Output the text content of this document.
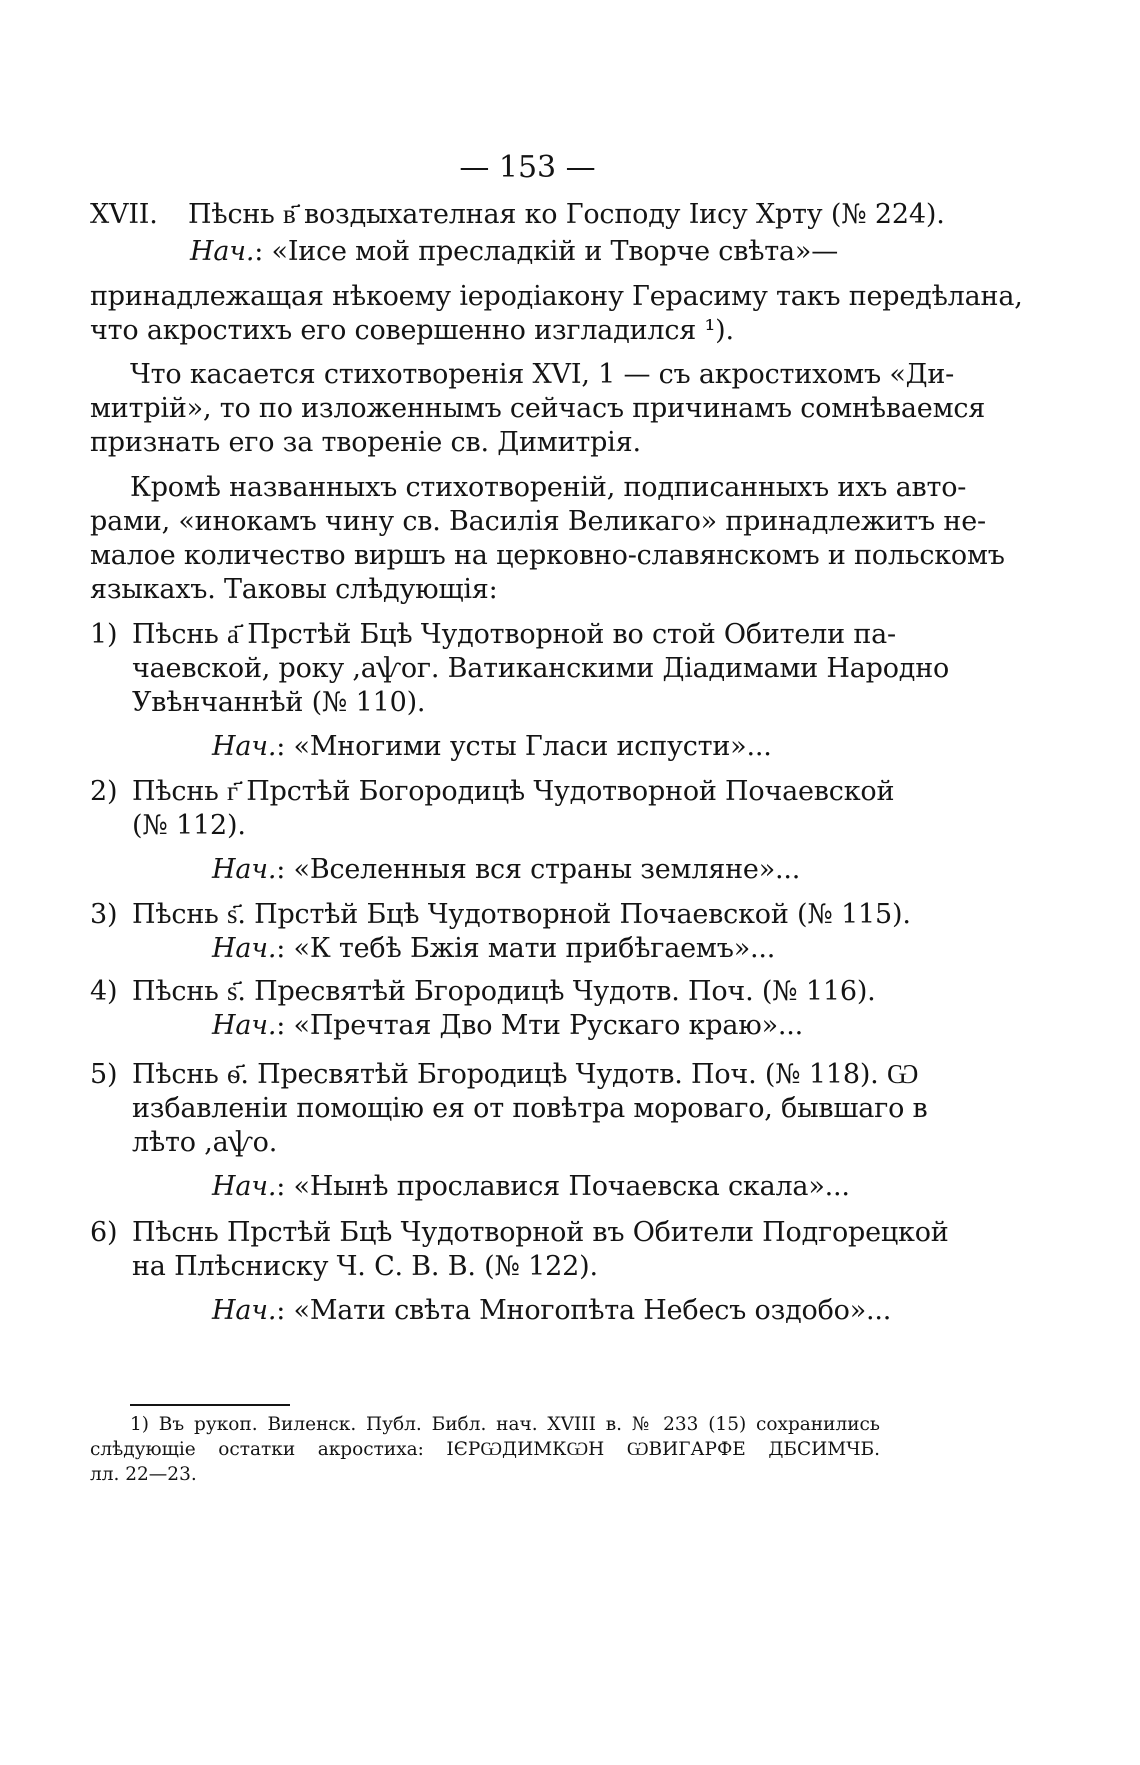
— 153 —
XVII. Пѣснь в҃ воздыхателная ко Господу Іису Хрту (№ 224).
Нач.: «Іисе мой пресладкій и Творче свѣта»—
принадлежащая нѣкоему іеродіакону Герасиму такъ передѣлана,
что акростихъ его совершенно изгладился ¹).
Что касается стихотворенія XVI, 1 — съ акростихомъ «Ди-
митрій», то по изложеннымъ сейчасъ причинамъ сомнѣваемся
признать его за твореніе св. Димитрія.
Кромѣ названныхъ стихотвореній, подписанныхъ ихъ авто-
рами, «инокамъ чину св. Василія Великаго» принадлежитъ не-
малое количество виршъ на церковно-славянскомъ и польскомъ
языкахъ. Таковы слѣдующія:
1) Пѣснь а҃ Прстѣй Бцѣ Чудотворной во стой Обители па-
чаевской, року ,аѱог. Ватиканскими Діадимами Народно
Увѣнчаннѣй (№ 110).
Нач.: «Многими усты Гласи испусти»...
2) Пѣснь г҃ Прстѣй Богородицѣ Чудотворной Почаевской
(№ 112).
Нач.: «Вселенныя вся страны земляне»...
3) Пѣснь ѕ҃. Прстѣй Бцѣ Чудотворной Почаевской (№ 115).
Нач.: «К тебѣ Бжія мати прибѣгаемъ»...
4) Пѣснь ѕ҃. Пресвятѣй Бгородицѣ Чудотв. Поч. (№ 116).
Нач.: «Пречтая Дво Мти Рускаго краю»...
5) Пѣснь ѳ҃. Пресвятѣй Бгородицѣ Чудотв. Поч. (№ 118). Ѡ
избавленіи помощію ея от повѣтра мороваго, бывшаго в
лѣто ,аѱо.
Нач.: «Нынѣ прославися Почаевска скала»...
6) Пѣснь Прстѣй Бцѣ Чудотворной въ Обители Подгорецкой
на Плѣсниску Ч. С. В. В. (№ 122).
Нач.: «Мати свѣта Многопѣта Небесъ оздобо»...
1) Въ рукоп. Виленск. Публ. Библ. нач. XVIII в. № 233 (15) сохранились
слѣдующіе остатки акростиха: ІЄРѠДИМКѠН ѠВИГАРФЕ ДБСИМЧБ.
лл. 22—23.
